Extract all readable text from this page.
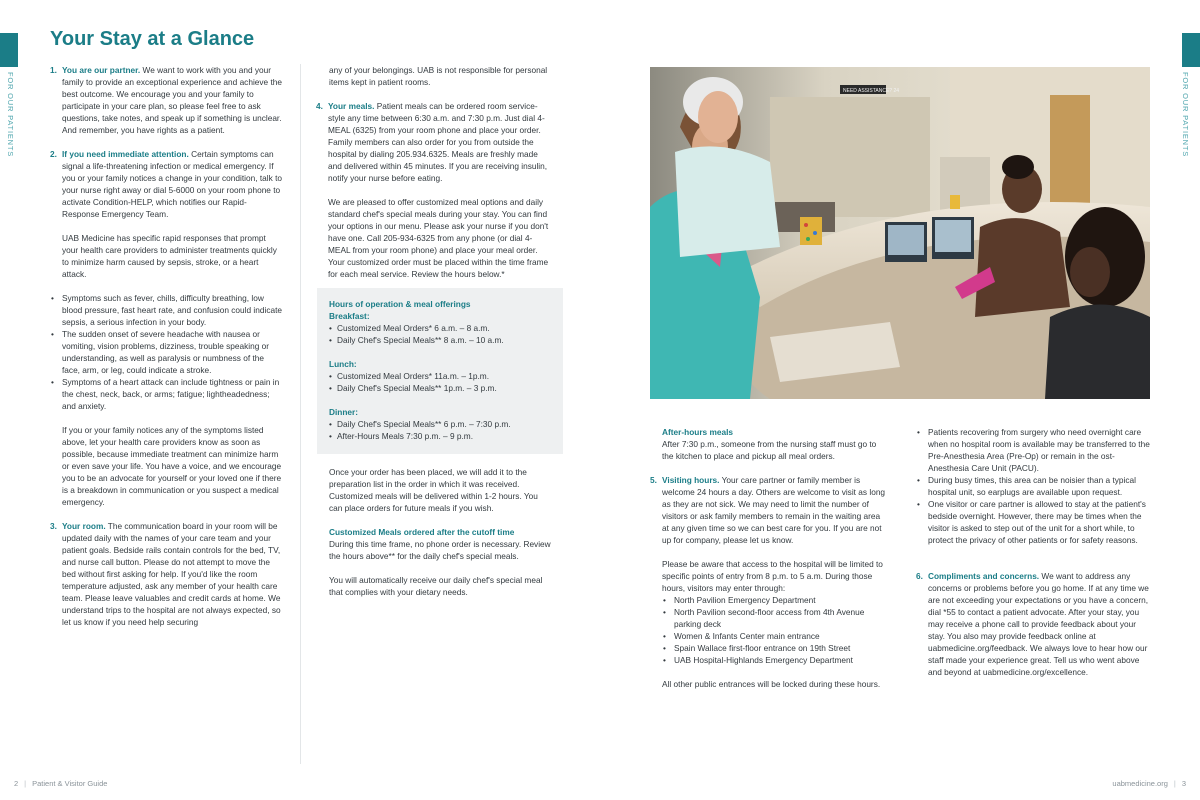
FOR OUR PATIENTS	FOR OUR PATIENTS
Your Stay at a Glance
1. You are our partner. We want to work with you and your family to provide an exceptional experience and achieve the best outcome. We encourage you and your family to participate in your care plan, so please feel free to ask questions, take notes, and speak up if something is unclear. And remember, you have rights as a patient.
2. If you need immediate attention. Certain symptoms can signal a life-threatening infection or medical emergency. If you or your family notices a change in your condition, talk to your nurse right away or dial 5-6000 on your room phone to activate Condition-HELP, which notifies our Rapid-Response Emergency Team.
UAB Medicine has specific rapid responses that prompt your health care providers to administer treatments quickly to minimize harm caused by sepsis, stroke, or a heart attack.
• Symptoms such as fever, chills, difficulty breathing, low blood pressure, fast heart rate, and confusion could indicate sepsis, a serious infection in your body.
• The sudden onset of severe headache with nausea or vomiting, vision problems, dizziness, trouble speaking or understanding, as well as paralysis or numbness of the face, arm, or leg, could indicate a stroke.
• Symptoms of a heart attack can include tightness or pain in the chest, neck, back, or arms; fatigue; lightheadedness; and anxiety.
If you or your family notices any of the symptoms listed above, let your health care providers know as soon as possible, because immediate treatment can minimize harm or even save your life. You have a voice, and we encourage you to be an advocate for yourself or your loved one if there is a breakdown in communication or you suspect a medical emergency.
3. Your room. The communication board in your room will be updated daily with the names of your care team and your patient goals. Bedside rails contain controls for the bed, TV, and nurse call button. Please do not attempt to move the bed without first asking for help. If you'd like the room temperature adjusted, ask any member of your health care team. Please leave valuables and credit cards at home. We understand trips to the hospital are not always expected, so let us know if you need help securing
any of your belongings. UAB is not responsible for personal items kept in patient rooms.
4. Your meals. Patient meals can be ordered room service-style any time between 6:30 a.m. and 7:30 p.m. Just dial 4-MEAL (6325) from your room phone and place your order. Family members can also order for you from outside the hospital by dialing 205.934.6325. Meals are freshly made and delivered within 45 minutes. If you are receiving insulin, notify your nurse before eating.
We are pleased to offer customized meal options and daily standard chef's special meals during your stay. You can find your options in our menu. Please ask your nurse if you don't have one. Call 205-934-6325 from any phone (or dial 4-MEAL from your room phone) and place your meal order. Your customized order must be placed within the time frame for each meal service. Review the hours below.*
Hours of operation & meal offerings
Breakfast:
• Customized Meal Orders* 6 a.m. – 8 a.m.
• Daily Chef's Special Meals** 8 a.m. – 10 a.m.
Lunch:
• Customized Meal Orders* 11a.m. – 1p.m.
• Daily Chef's Special Meals** 1p.m. – 3 p.m.
Dinner:
• Daily Chef's Special Meals** 6 p.m. – 7:30 p.m.
• After-Hours Meals 7:30 p.m. – 9 p.m.
Once your order has been placed, we will add it to the preparation list in the order in which it was received. Customized meals will be delivered within 1-2 hours. You can place orders for future meals if you wish.
Customized Meals ordered after the cutoff time
During this time frame, no phone order is necessary. Review the hours above** for the daily chef's special meals.
You will automatically receive our daily chef's special meal that complies with your dietary needs.
NEED ASSISTANCE? 24
After-hours meals
After 7:30 p.m., someone from the nursing staff must go to the kitchen to place and pickup all meal orders.
5. Visiting hours. Your care partner or family member is welcome 24 hours a day. Others are welcome to visit as long as they are not sick. We may need to limit the number of visitors or ask family members to remain in the waiting area at any given time so we can best care for you. If you are not up for company, please let us know.
Please be aware that access to the hospital will be limited to specific points of entry from 8 p.m. to 5 a.m. During those hours, visitors may enter through:
• North Pavilion Emergency Department
• North Pavilion second-floor access from 4th Avenue parking deck
• Women & Infants Center main entrance
• Spain Wallace first-floor entrance on 19th Street
• UAB Hospital-Highlands Emergency Department
All other public entrances will be locked during these hours.
• Patients recovering from surgery who need overnight care when no hospital room is available may be transferred to the Pre-Anesthesia Area (Pre-Op) or remain in the ost-Anesthesia Care Unit (PACU).
• During busy times, this area can be noisier than a typical hospital unit, so earplugs are available upon request.
• One visitor or care partner is allowed to stay at the patient's bedside overnight. However, there may be times when the visitor is asked to step out of the unit for a short while, to protect the privacy of other patients or for safety reasons.
6. Compliments and concerns. We want to address any concerns or problems before you go home. If at any time we are not exceeding your expectations or you have a concern, dial *55 to contact a patient advocate. After your stay, you may receive a phone call to provide feedback about your stay. You also may provide feedback online at uabmedicine.org/feedback. We always love to hear how our staff made your experience great. Tell us who went above and beyond at uabmedicine.org/excellence.
2 | Patient & Visitor Guide	uabmedicine.org | 3
